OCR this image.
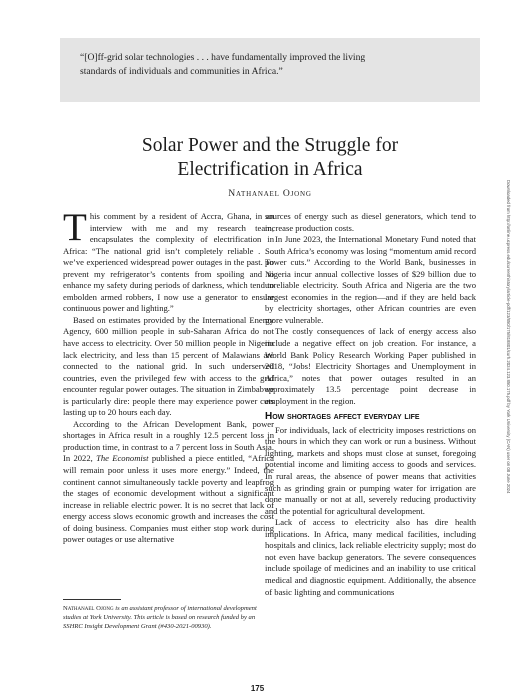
“[O]ff-grid solar technologies . . . have fundamentally improved the living
standards of individuals and communities in Africa.”
Solar Power and the Struggle for
Electrification in Africa
Nathanael Ojong

This comment by a resident of Accra, Ghana, in an interview with me and my research team, encapsulates the complexity of electrification in Africa: “The national grid isn’t completely reliable . . . we’ve experienced widespread power outages in the past. To prevent my refrigerator’s contents from spoiling and to enhance my safety during periods of darkness, which tend to embolden armed robbers, I now use a generator to ensure continuous power and lighting.”

Based on estimates provided by the International Energy Agency, 600 million people in sub-Saharan Africa do not have access to electricity. Over 50 million people in Nigeria lack electricity, and less than 15 percent of Malawians are connected to the national grid. In such underserved countries, even the privileged few with access to the grid encounter regular power outages. The situation in Zimbabwe is particularly dire: people there may experience power cuts lasting up to 20 hours each day.

According to the African Development Bank, power shortages in Africa result in a roughly 12.5 percent loss in production time, in contrast to a 7 percent loss in South Asia. In 2022, The Economist published a piece entitled, “Africa will remain poor unless it uses more energy.” Indeed, the continent cannot simultaneously tackle poverty and leapfrog the stages of economic development without a significant increase in reliable electric power. It is no secret that lack of energy access slows economic growth and increases the cost of doing business. Companies must either stop work during power outages or use alternative

sources of energy such as diesel generators, which tend to increase production costs.

In June 2023, the International Monetary Fund noted that South Africa’s economy was losing “momentum amid record power cuts.” According to the World Bank, businesses in Nigeria incur annual collective losses of $29 billion due to unreliable electricity. South Africa and Nigeria are the two largest economies in the region—and if they are held back by electricity shortages, other African countries are even more vulnerable.

The costly consequences of lack of energy access also include a negative effect on job creation. For instance, a World Bank Policy Research Working Paper published in 2018, “Jobs! Electricity Shortages and Unemployment in Africa,” notes that power outages resulted in an approximately 13.5 percentage point decrease in employment in the region.

How shortages affect everyday life

For individuals, lack of electricity imposes restrictions on the hours in which they can work or run a business. Without lighting, markets and shops must close at sunset, foregoing potential income and limiting access to goods and services. In rural areas, the absence of power means that activities such as grinding grain or pumping water for irrigation are done manually or not at all, severely reducing productivity and the potential for agricultural development.

Lack of access to electricity also has dire health implications. In Africa, many medical facilities, including hospitals and clinics, lack reliable electricity supply; most do not even have backup generators. The severe consequences include spoilage of medicines and an inability to use critical medical and diagnostic equipment. Additionally, the absence of basic lighting and communications

Nathanael Ojong is an assistant professor of international development studies at York University. This article is based on research funded by an SSHRC Insight Development Grant (#430-2021-00930).
175
Downloaded from http://online.ucpress.edu/currenthistory/article-pdf/123/850/175/818801/curh.2024.123.850.175.pdf by York University (CAN) user on 08 June 2024
